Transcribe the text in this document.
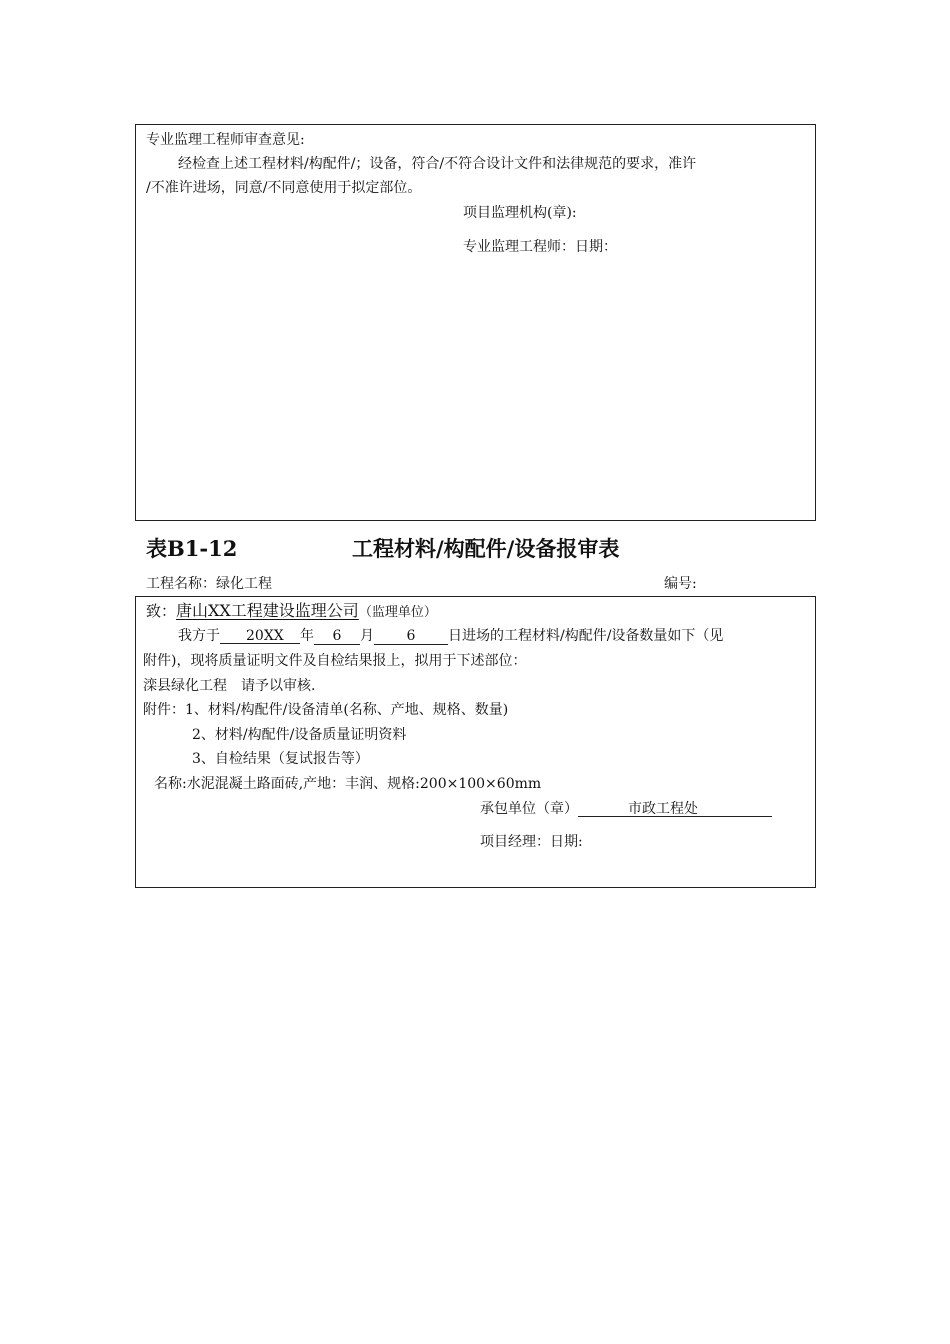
专业监理工程师审查意见:
经检查上述工程材料/构配件/；设备，符合/不符合设计文件和法律规范的要求，准许
/不准许进场，同意/不同意使用于拟定部位。
项目监理机构(章):
专业监理工程师：日期：
表B1-12	工程材料/构配件/设备报审表
工程名称：绿化工程	编号:
致：唐山XX工程建设监理公司（监理单位）
我方于 20XX 年 6 月 6 日进场的工程材料/构配件/设备数量如下（见
附件)，现将质量证明文件及自检结果报上，拟用于下述部位：
滦县绿化工程　请予以审核.
附件：1、材料/构配件/设备清单(名称、产地、规格、数量)
2、材料/构配件/设备质量证明资料
3、自检结果（复试报告等）
名称:水泥混凝土路面砖,产地：丰润、规格:200×100×60mm
承包单位（章）	市政工程处
项目经理：日期:
